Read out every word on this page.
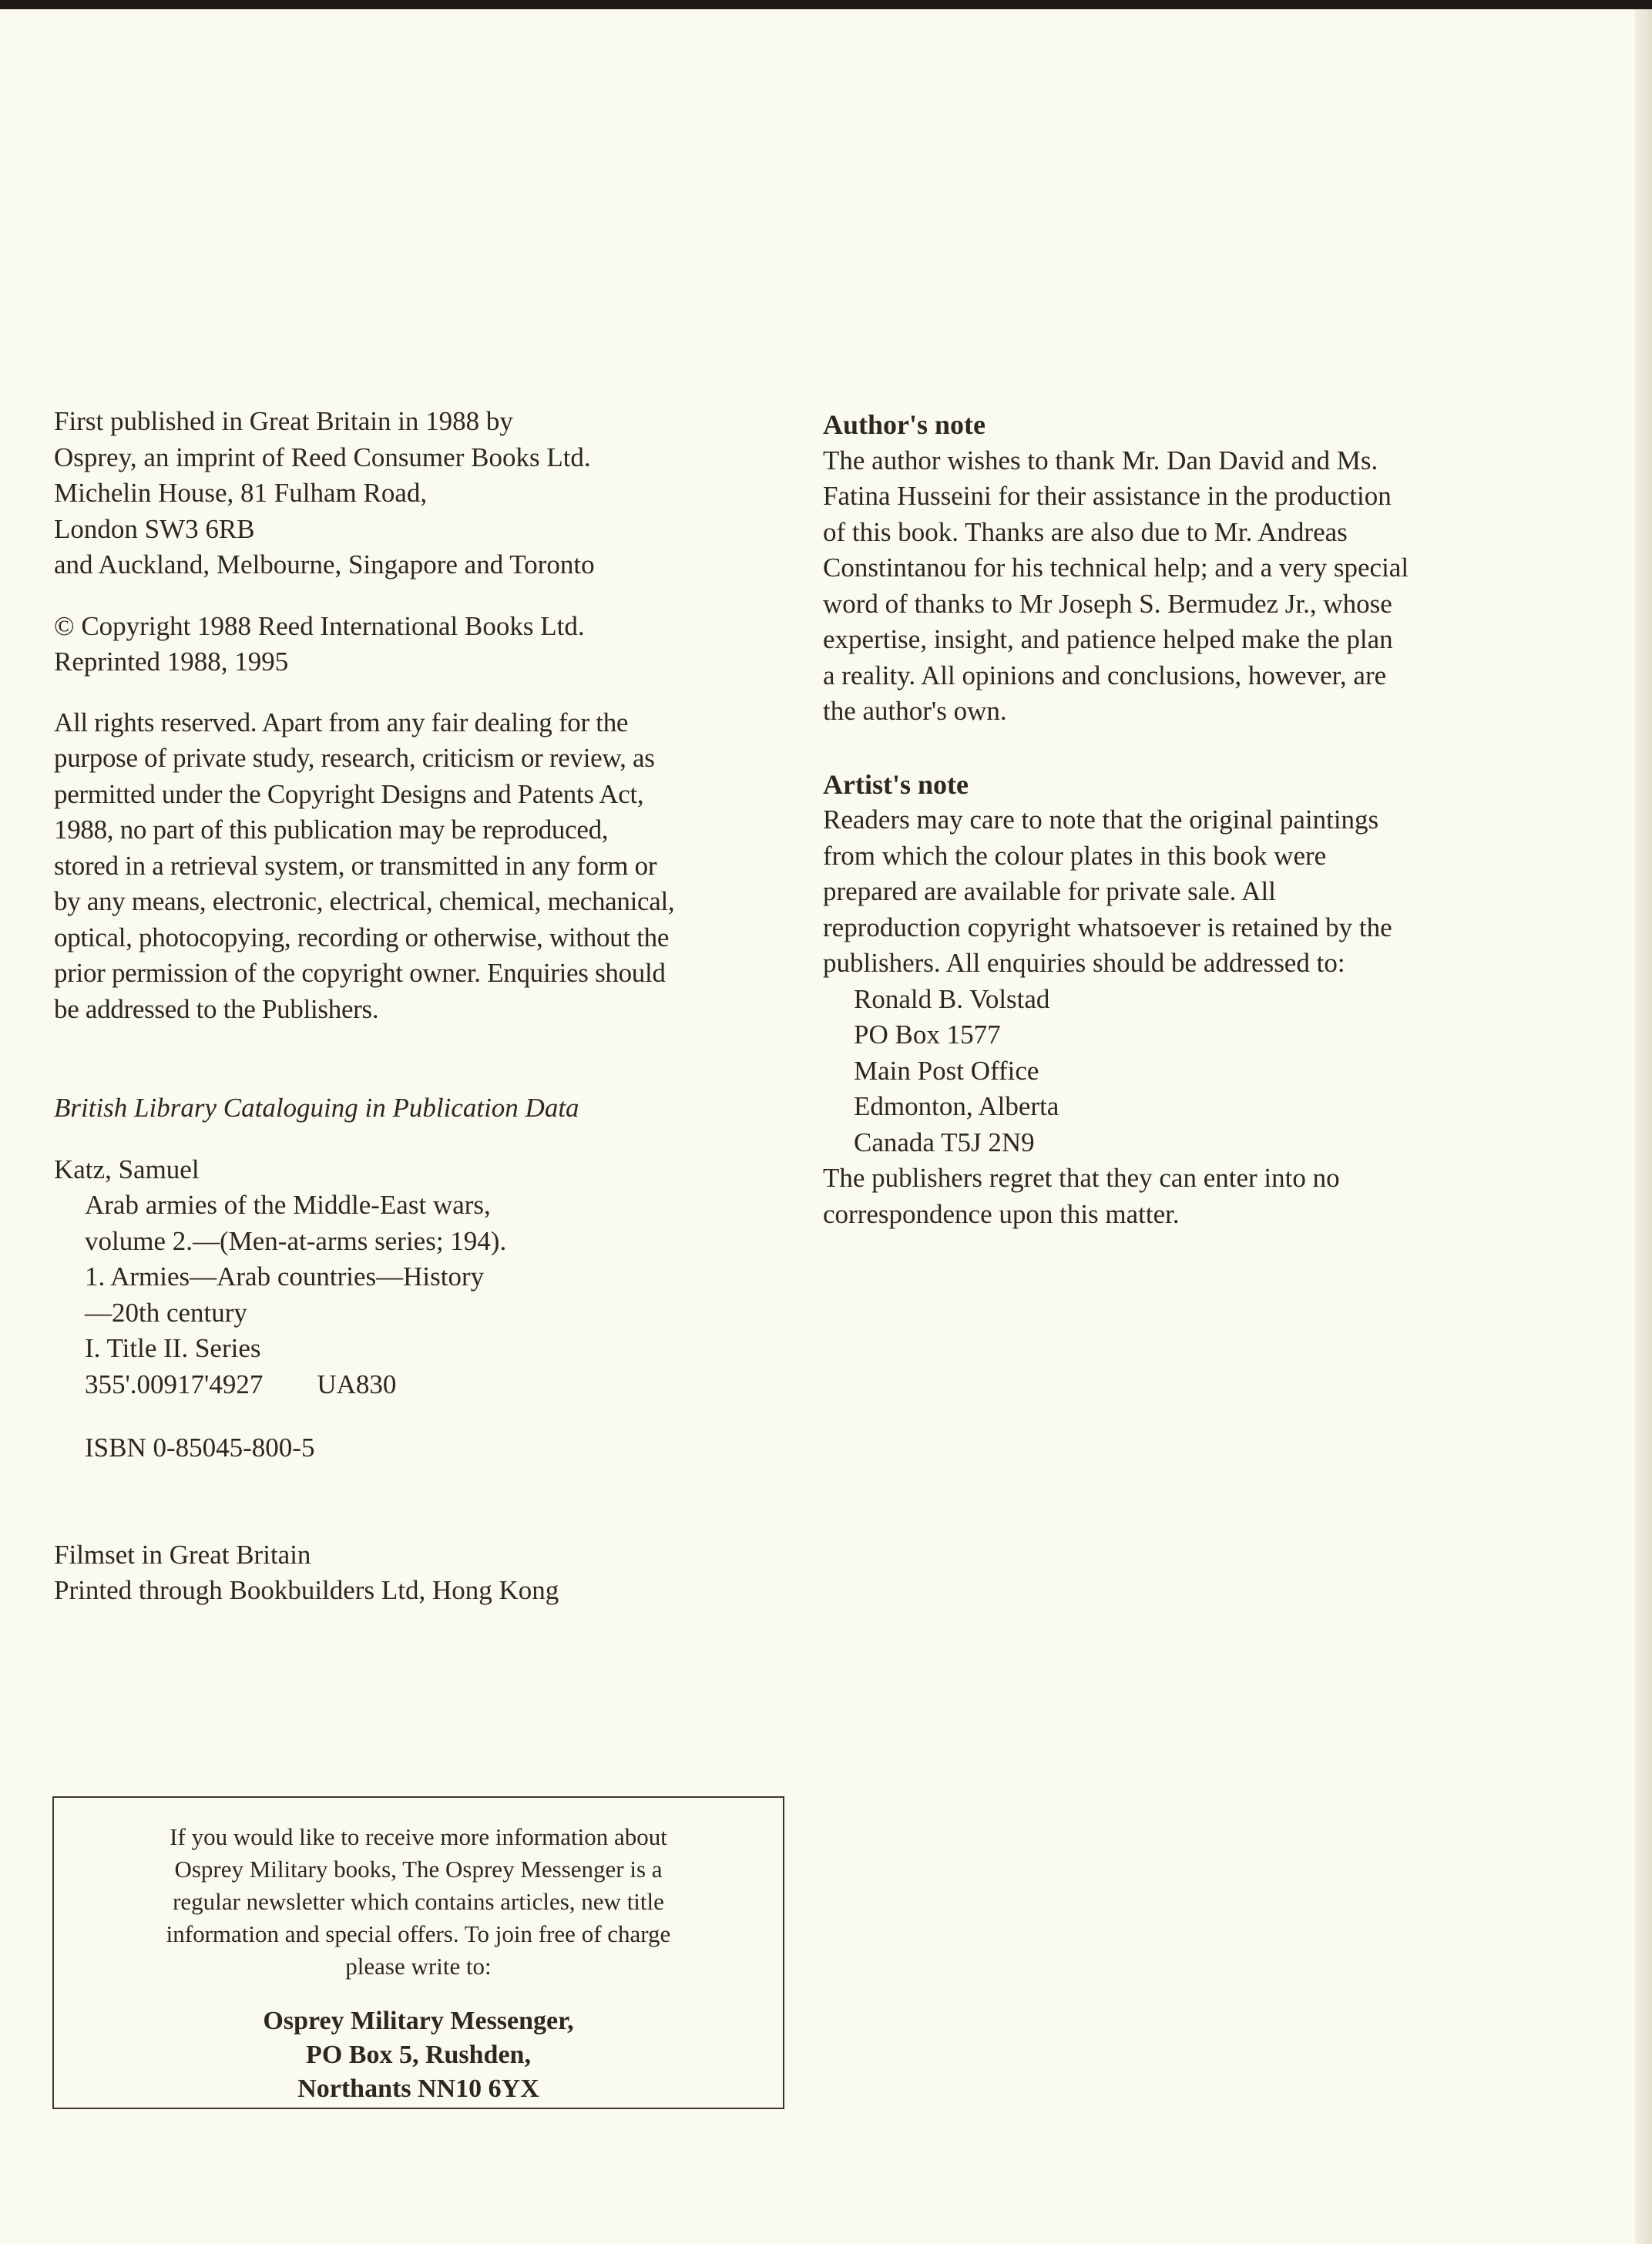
First published in Great Britain in 1988 by
Osprey, an imprint of Reed Consumer Books Ltd.
Michelin House, 81 Fulham Road,
London SW3 6RB
and Auckland, Melbourne, Singapore and Toronto
© Copyright 1988 Reed International Books Ltd.
Reprinted 1988, 1995
All rights reserved. Apart from any fair dealing for the
purpose of private study, research, criticism or review, as
permitted under the Copyright Designs and Patents Act,
1988, no part of this publication may be reproduced,
stored in a retrieval system, or transmitted in any form or
by any means, electronic, electrical, chemical, mechanical,
optical, photocopying, recording or otherwise, without the
prior permission of the copyright owner. Enquiries should
be addressed to the Publishers.
British Library Cataloguing in Publication Data
Katz, Samuel
Arab armies of the Middle-East wars,
volume 2.—(Men-at-arms series; 194).
1. Armies—Arab countries—History
—20th century
I. Title II. Series
355'.00917'4927        UA830
ISBN 0-85045-800-5
Filmset in Great Britain
Printed through Bookbuilders Ltd, Hong Kong
If you would like to receive more information about
Osprey Military books, The Osprey Messenger is a
regular newsletter which contains articles, new title
information and special offers. To join free of charge
please write to:
Osprey Military Messenger,
PO Box 5, Rushden,
Northants NN10 6YX
Author's note
The author wishes to thank Mr. Dan David and Ms.
Fatina Husseini for their assistance in the production
of this book. Thanks are also due to Mr. Andreas
Constintanou for his technical help; and a very special
word of thanks to Mr Joseph S. Bermudez Jr., whose
expertise, insight, and patience helped make the plan
a reality. All opinions and conclusions, however, are
the author's own.
Artist's note
Readers may care to note that the original paintings
from which the colour plates in this book were
prepared are available for private sale. All
reproduction copyright whatsoever is retained by the
publishers. All enquiries should be addressed to:
Ronald B. Volstad
PO Box 1577
Main Post Office
Edmonton, Alberta
Canada T5J 2N9
The publishers regret that they can enter into no
correspondence upon this matter.
